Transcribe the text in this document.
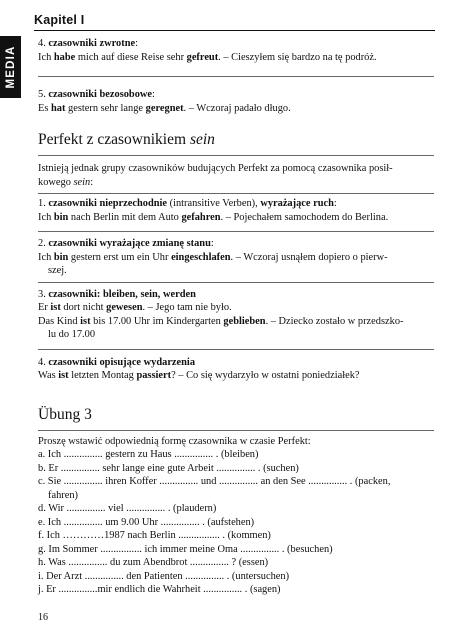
Kapitel I
MEDIA
4. czasowniki zwrotne:
Ich habe mich auf diese Reise sehr gefreut. – Cieszyłem się bardzo na tę podróż.
5. czasowniki bezosobowe:
Es hat gestern sehr lange geregnet. – Wczoraj padało długo.
Perfekt z czasownikiem sein
Istnieją jednak grupy czasowników budujących Perfekt za pomocą czasownika posił-
kowego sein:
1. czasowniki nieprzechodnie (intransitive Verben), wyrażające ruch:
Ich bin nach Berlin mit dem Auto gefahren. – Pojechałem samochodem do Berlina.
2. czasowniki wyrażające zmianę stanu:
Ich bin gestern erst um ein Uhr eingeschlafen. – Wczoraj usnąłem dopiero o pierw-
szej.
3. czasowniki: bleiben, sein, werden
Er ist dort nicht gewesen. – Jego tam nie było.
Das Kind ist bis 17.00 Uhr im Kindergarten geblieben. – Dziecko zostało w przedszko-
lu do 17.00
4. czasowniki opisujące wydarzenia
Was ist letzten Montag passiert? – Co się wydarzyło w ostatni poniedziałek?
Übung 3
Proszę wstawić odpowiednią formę czasownika w czasie Perfekt:
a. Ich ............... gestern zu Haus ............... . (bleiben)
b. Er ............... sehr lange eine gute Arbeit ............... . (suchen)
c. Sie ............... ihren Koffer ............... und ............... an den See ............... . (packen,
fahren)
d. Wir ............... viel ............... . (plaudern)
e. Ich ............... um 9.00 Uhr ............... . (aufstehen)
f. Ich …………1987 nach Berlin ................ . (kommen)
g. Im Sommer ................ ich immer meine Oma ............... . (besuchen)
h. Was ............... du zum Abendbrot ............... ? (essen)
i. Der Arzt ............... den Patienten ............... . (untersuchen)
j. Er ...............mir endlich die Wahrheit ............... . (sagen)
16
